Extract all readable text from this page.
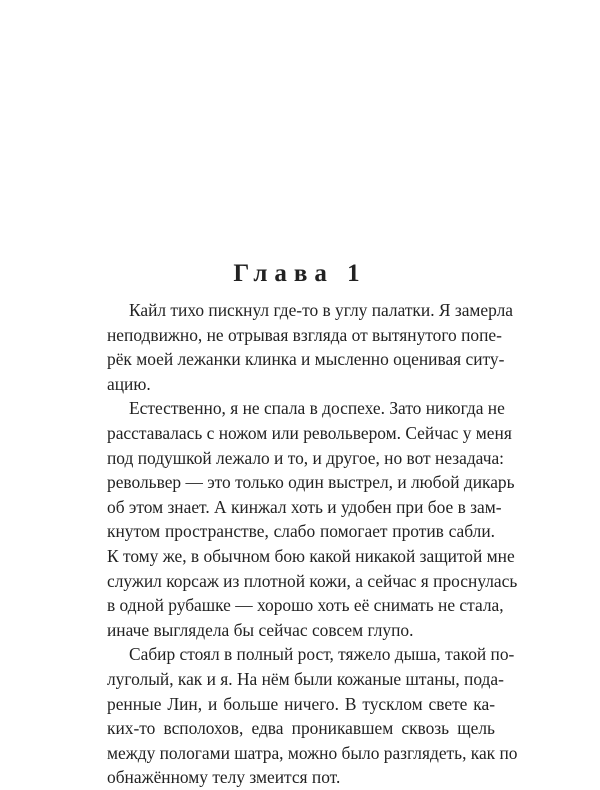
Глава 1
Кайл тихо пискнул где-то в углу палатки. Я замерла
неподвижно, не отрывая взгляда от вытянутого попе-
рёк моей лежанки клинка и мысленно оценивая ситу-
ацию.
Естественно, я не спала в доспехе. Зато никогда не
расставалась с ножом или револьвером. Сейчас у меня
под подушкой лежало и то, и другое, но вот незадача:
револьвер — это только один выстрел, и любой дикарь
об этом знает. А кинжал хоть и удобен при бое в зам-
кнутом пространстве, слабо помогает против сабли.
К тому же, в обычном бою какой никакой защитой мне
служил корсаж из плотной кожи, а сейчас я проснулась
в одной рубашке — хорошо хоть её снимать не стала,
иначе выглядела бы сейчас совсем глупо.
Сабир стоял в полный рост, тяжело дыша, такой по-
луголый, как и я. На нём были кожаные штаны, пода-
ренные Лин, и больше ничего. В тусклом свете ка-
ких-то всполохов, едва проникавшем сквозь щель
между пологами шатра, можно было разглядеть, как по
обнажённому телу змеится пот.
